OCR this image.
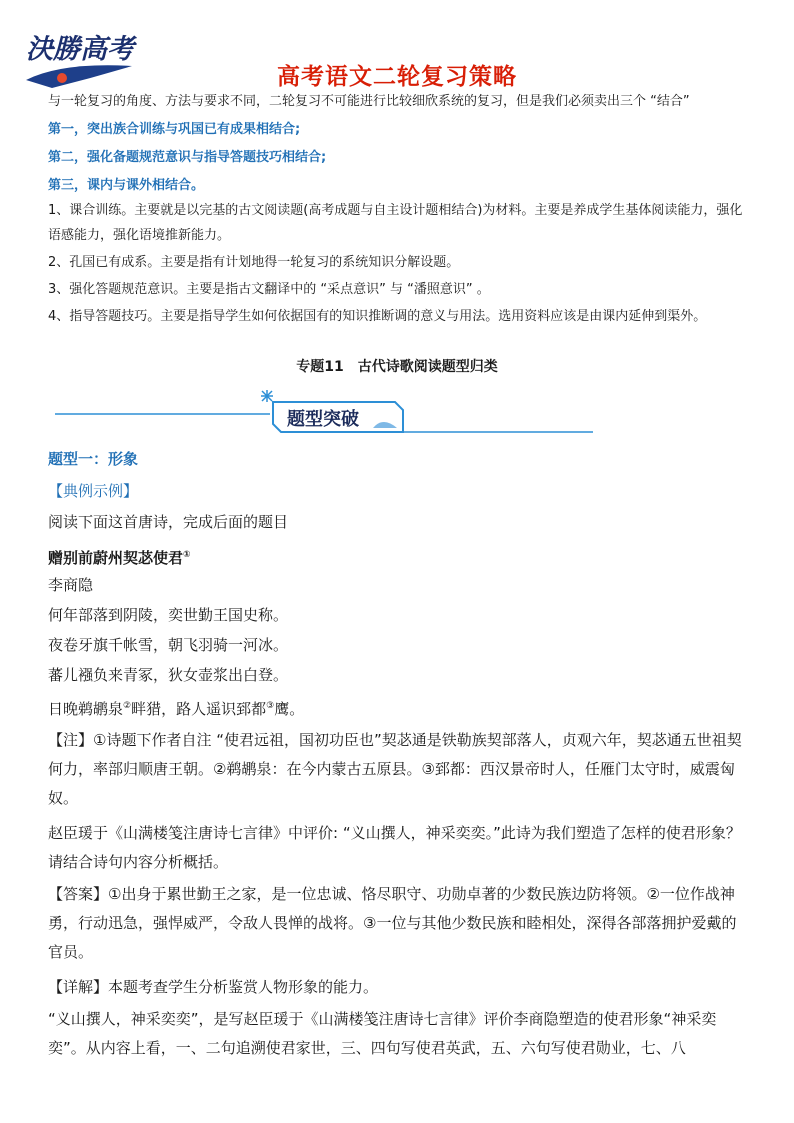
決勝高考
高考语文二轮复习策略
与一轮复习的角度、方法与要求不同，二轮复习不可能进行比较细欣系统的复习，但是我们必须卖出三个 “结合”
第一，突出族合训练与巩国已有成果相结合;
第二，强化备题规范意识与指导答题技巧相结合;
第三，课内与课外相结合。
1、课合训练。主要就是以完基的古文阅读题(高考成题与自主设计题相结合)为材料。主要是养成学生基体阅读能力，强化语感能力，强化语境推新能力。
2、孔国已有成系。主要是指有计划地得一轮复习的系统知识分解设题。
3、强化答题规范意识。主要是指古文翻译中的 “采点意识” 与 “潘照意识” 。
4、指导答题技巧。主要是指导学生如何依据国有的知识推断调的意义与用法。选用资料应该是由课内延伸到渠外。
专题11　古代诗歌阅读题型归类
题型突破
题型一：形象
【典例示例】
阅读下面这首唐诗，完成后面的题目
赠别前蔚州契苾使君①
李商隐
何年部落到阴陵，奕世勤王国史称。
夜卷牙旗千帐雪，朝飞羽骑一河冰。
蕃儿襁负来青冢，狄女壶浆出白登。
日晚鹈鹕泉②畔猎，路人遥识郅都③鹰。
【注】①诗题下作者自注 “使君远祖，国初功臣也”契苾通是铁勒族契部落人，贞观六年，契苾通五世祖契何力，率部归顺唐王朝。②鹈鹕泉：在今内蒙古五原县。③郅都：西汉景帝时人，任雁门太守时，威震匈奴。
赵臣瑗于《山满楼笺注唐诗七言律》中评价: “义山撰人，神采奕奕。”此诗为我们塑造了怎样的使君形象？请结合诗句内容分析概括。
【答案】①出身于累世勤王之家，是一位忠诚、恪尽职守、功勋卓著的少数民族边防将领。②一位作战神勇，行动迅急，强悍威严，令敌人畏惮的战将。③一位与其他少数民族和睦相处，深得各部落拥护爱戴的官员。
【详解】本题考查学生分析鉴赏人物形象的能力。
“义山撰人，神采奕奕”，是写赵臣瑗于《山满楼笺注唐诗七言律》评价李商隐塑造的使君形象“神采奕奕”。从内容上看，一、二句追溯使君家世，三、四句写使君英武，五、六句写使君勋业，七、八
